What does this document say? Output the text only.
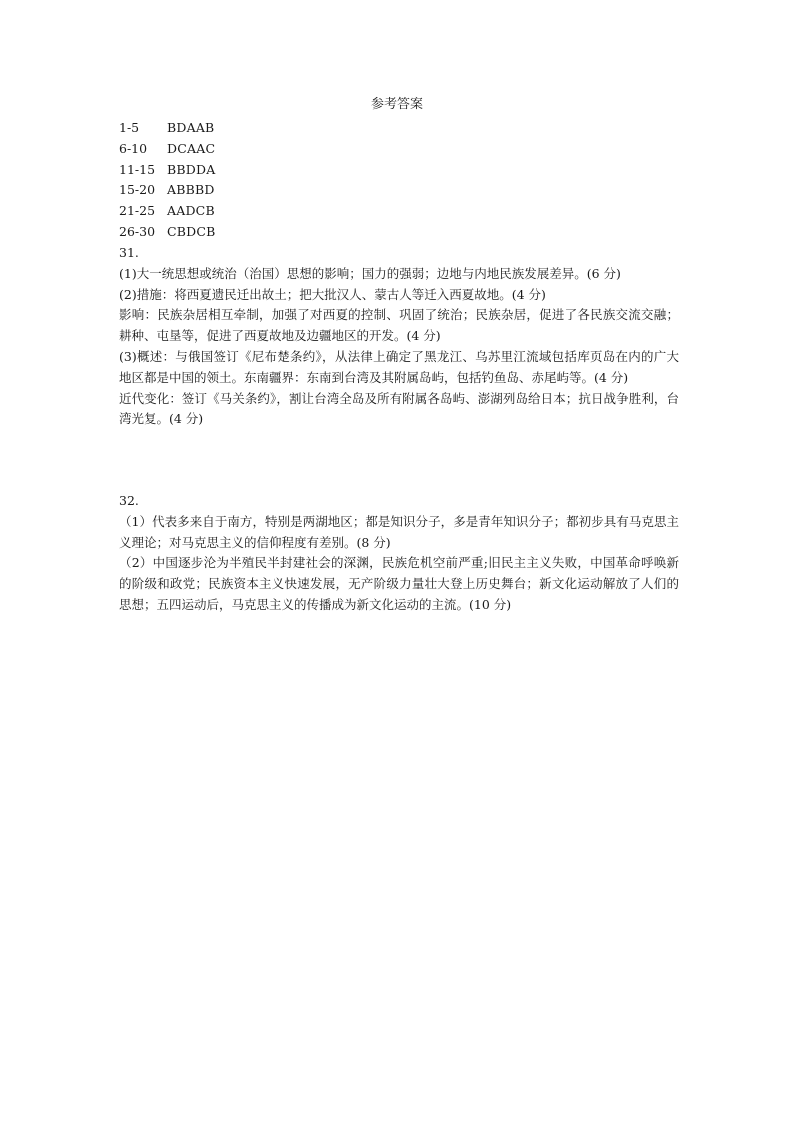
参考答案
1-5 BDAAB
6-10 DCAAC
11-15 BBDDA
15-20 ABBBD
21-25 AADCB
26-30 CBDCB
31.

(1)大一统思想或统治（治国）思想的影响；国力的强弱；边地与内地民族发展差异。(6 分)

(2)措施：将西夏遗民迁出故土；把大批汉人、蒙古人等迁入西夏故地。(4 分)

影响：民族杂居相互牵制，加强了对西夏的控制、巩固了统治；民族杂居，促进了各民族交流交融；耕种、屯垦等，促进了西夏故地及边疆地区的开发。(4 分)

(3)概述：与俄国签订《尼布楚条约》，从法律上确定了黑龙江、乌苏里江流域包括库页岛在内的广大地区都是中国的领土。东南疆界：东南到台湾及其附属岛屿，包括钓鱼岛、赤尾屿等。(4 分)

近代变化：签订《马关条约》，割让台湾全岛及所有附属各岛屿、澎湖列岛给日本；抗日战争胜利，台湾光复。(4 分)

32.

（1）代表多来自于南方，特别是两湖地区；都是知识分子，多是青年知识分子；都初步具有马克思主义理论；对马克思主义的信仰程度有差别。(8 分)

（2）中国逐步沦为半殖民半封建社会的深渊，民族危机空前严重;旧民主主义失败，中国革命呼唤新的阶级和政党；民族资本主义快速发展，无产阶级力量壮大登上历史舞台；新文化运动解放了人们的思想；五四运动后，马克思主义的传播成为新文化运动的主流。(10 分)
